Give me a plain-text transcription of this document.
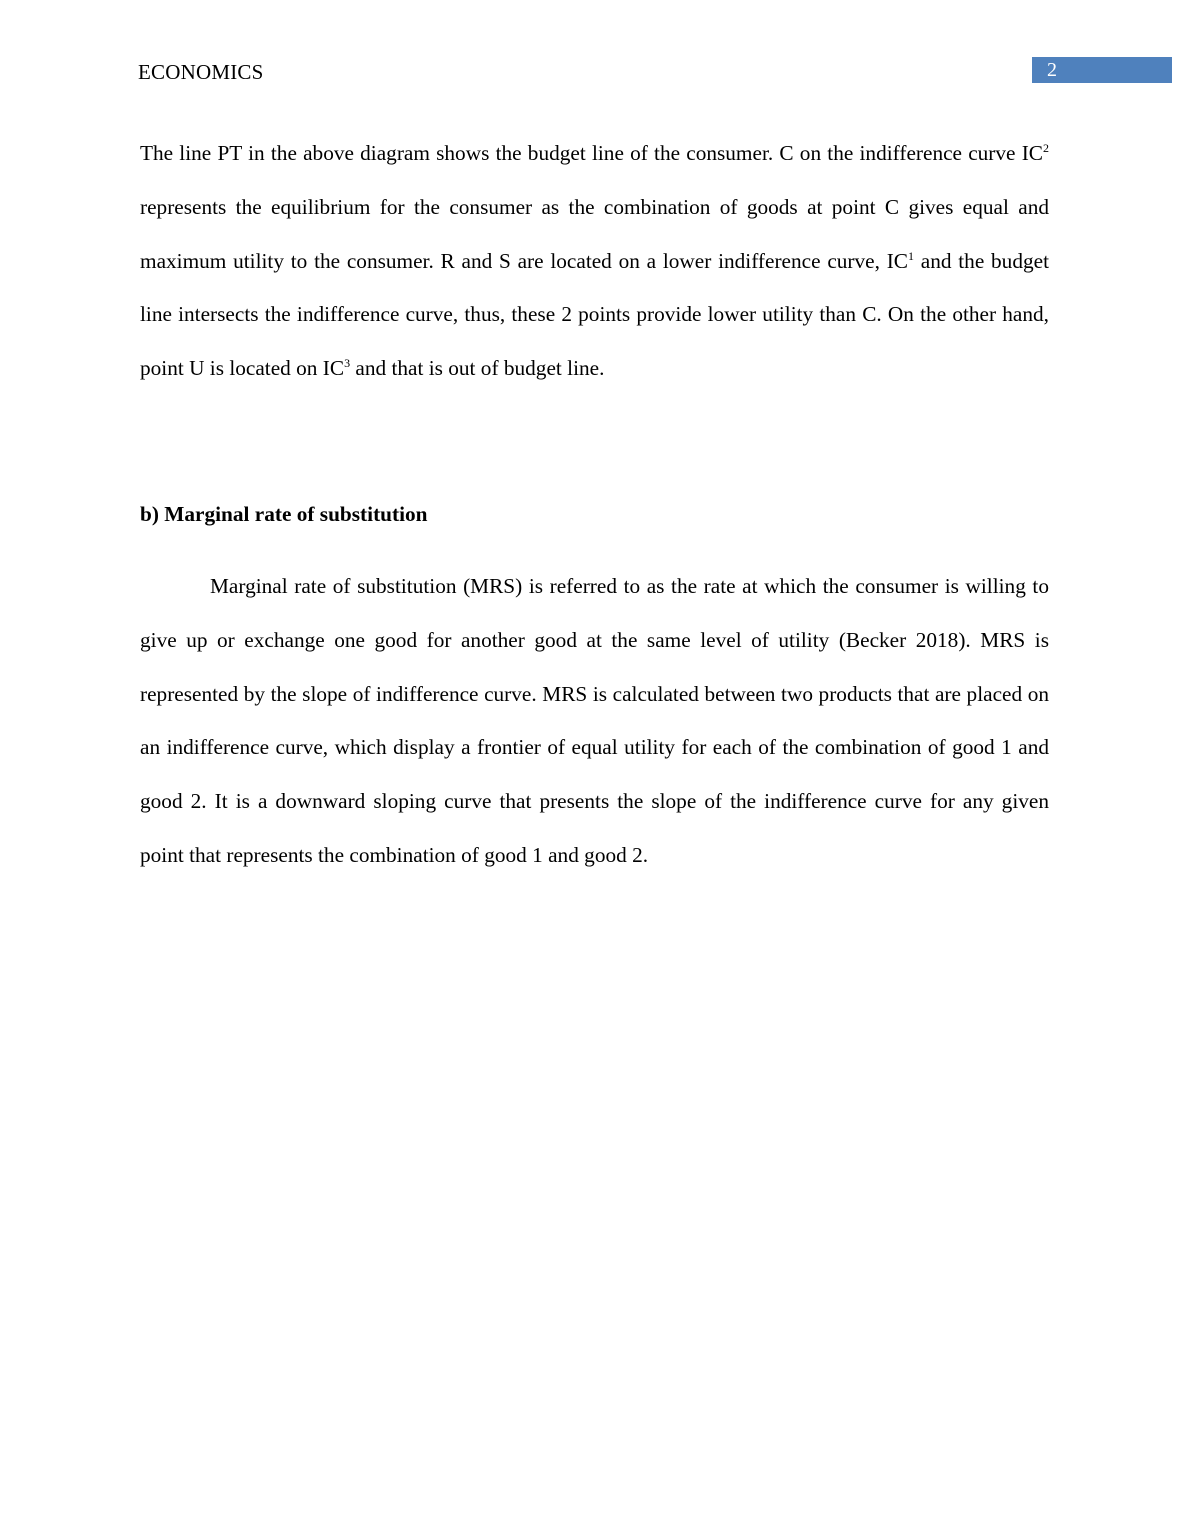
ECONOMICS	2

The line PT in the above diagram shows the budget line of the consumer. C on the indifference curve $IC^2$ represents the equilibrium for the consumer as the combination of goods at point C gives equal and maximum utility to the consumer. R and S are located on a lower indifference curve, $IC^1$ and the budget line intersects the indifference curve, thus, these 2 points provide lower utility than C. On the other hand, point U is located on $IC^3$ and that is out of budget line.

b) Marginal rate of substitution

Marginal rate of substitution (MRS) is referred to as the rate at which the consumer is willing to give up or exchange one good for another good at the same level of utility (Becker 2018). MRS is represented by the slope of indifference curve. MRS is calculated between two products that are placed on an indifference curve, which display a frontier of equal utility for each of the combination of good 1 and good 2. It is a downward sloping curve that presents the slope of the indifference curve for any given point that represents the combination of good 1 and good 2.
